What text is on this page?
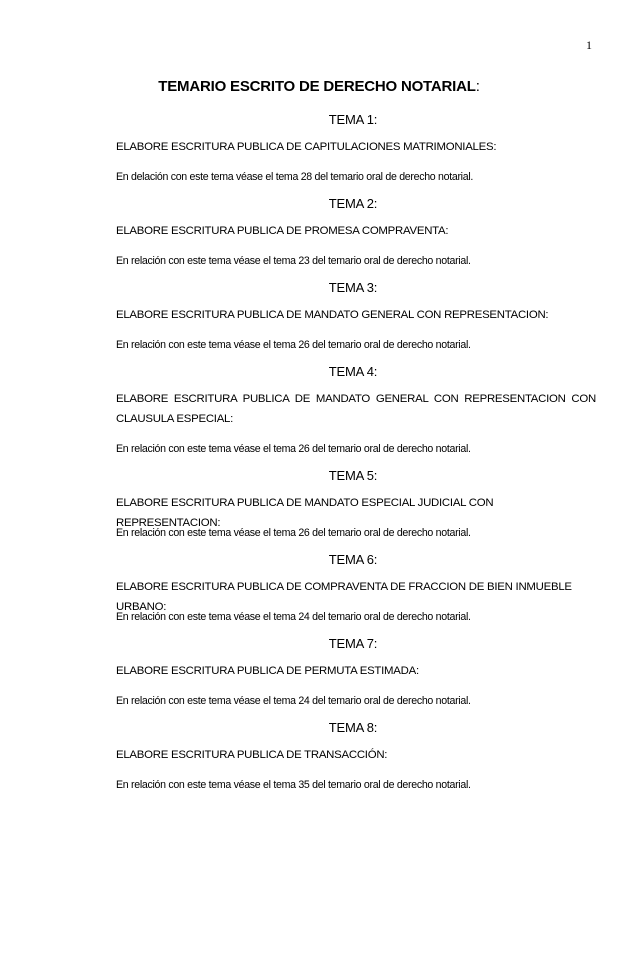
1
TEMARIO ESCRITO DE DERECHO NOTARIAL:
TEMA 1:
ELABORE ESCRITURA PUBLICA DE CAPITULACIONES MATRIMONIALES:
En delación con este tema véase el tema 28 del temario oral de derecho notarial.
TEMA 2:
ELABORE ESCRITURA PUBLICA DE PROMESA COMPRAVENTA:
En relación con este tema véase el tema 23 del temario oral de derecho notarial.
TEMA 3:
ELABORE ESCRITURA PUBLICA DE MANDATO GENERAL CON REPRESENTACION:
En relación con este tema véase el tema 26 del temario oral de derecho notarial.
TEMA 4:
ELABORE ESCRITURA PUBLICA DE MANDATO GENERAL CON REPRESENTACION CON CLAUSULA ESPECIAL:
En relación con este tema véase el tema 26 del temario oral de derecho notarial.
TEMA 5:
ELABORE ESCRITURA PUBLICA DE MANDATO ESPECIAL JUDICIAL CON REPRESENTACION:
En relación con este tema véase el tema 26 del temario oral de derecho notarial.
TEMA 6:
ELABORE ESCRITURA PUBLICA DE COMPRAVENTA DE FRACCION DE BIEN INMUEBLE URBANO:
En relación con este tema véase el tema 24 del temario oral de derecho notarial.
TEMA 7:
ELABORE ESCRITURA PUBLICA DE PERMUTA ESTIMADA:
En relación con este tema véase el tema 24 del temario oral de derecho notarial.
TEMA 8:
ELABORE ESCRITURA PUBLICA DE TRANSACCIÓN:
En relación con este tema véase el tema 35 del temario oral de derecho notarial.
